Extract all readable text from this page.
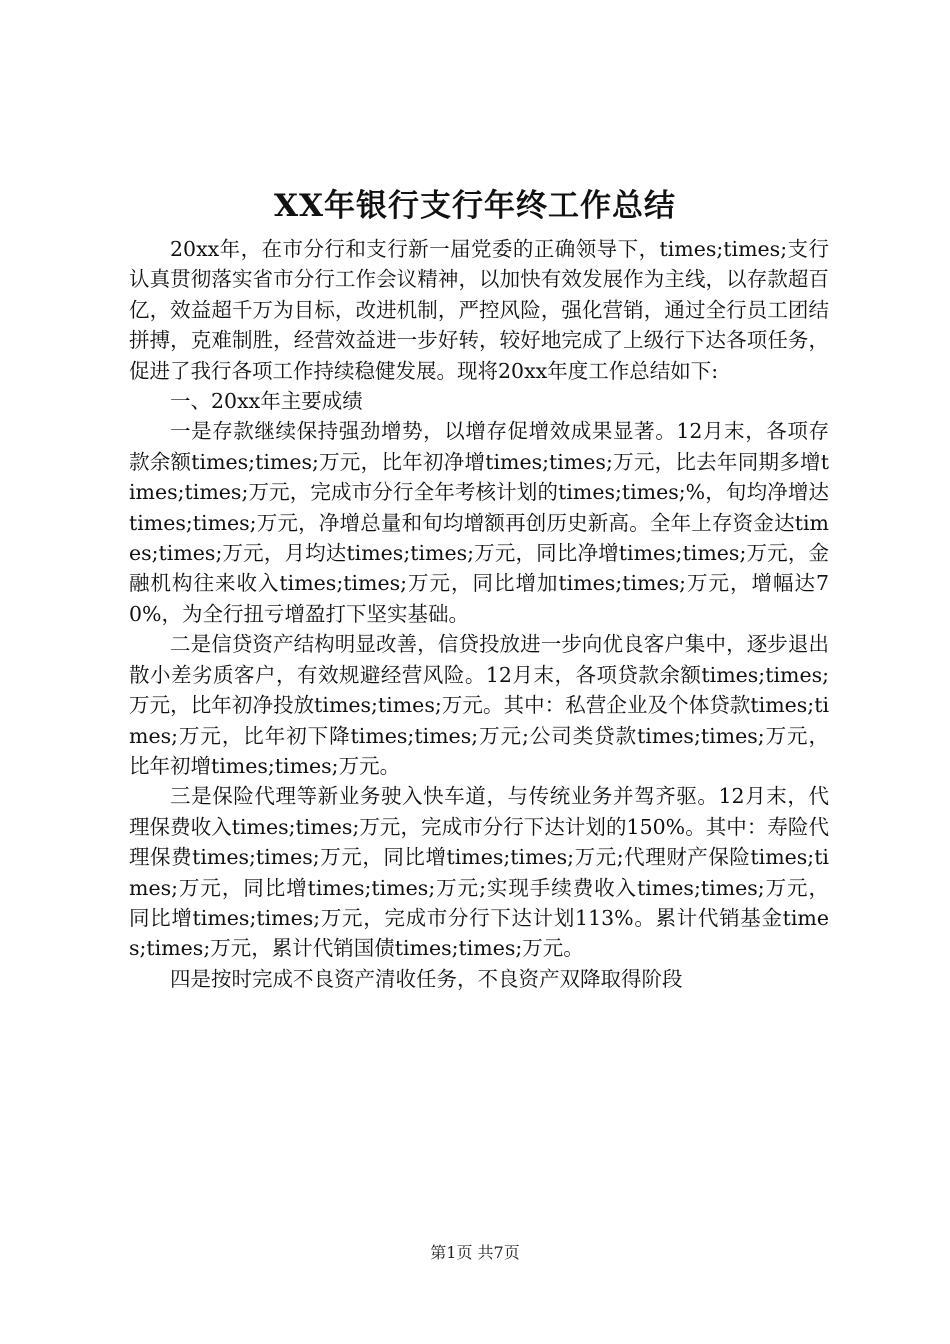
XX年银行支行年终工作总结

20xx年，在市分行和支行新一届党委的正确领导下，times;times;支行认真贯彻落实省市分行工作会议精神，以加快有效发展作为主线，以存款超百亿，效益超千万为目标，改进机制，严控风险，强化营销，通过全行员工团结拼搏，克难制胜，经营效益进一步好转，较好地完成了上级行下达各项任务，促进了我行各项工作持续稳健发展。现将20xx年度工作总结如下:

一、20xx年主要成绩

一是存款继续保持强劲增势，以增存促增效成果显著。12月末，各项存款余额times;times;万元，比年初净增times;times;万元，比去年同期多增times;times;万元，完成市分行全年考核计划的times;times;%，旬均净增达times;times;万元，净增总量和旬均增额再创历史新高。全年上存资金达times;times;万元，月均达times;times;万元，同比净增times;times;万元，金融机构往来收入times;times;万元，同比增加times;times;万元，增幅达70%，为全行扭亏增盈打下坚实基础。

二是信贷资产结构明显改善，信贷投放进一步向优良客户集中，逐步退出散小差劣质客户，有效规避经营风险。12月末，各项贷款余额times;times;万元，比年初净投放times;times;万元。其中：私营企业及个体贷款times;times;万元，比年初下降times;times;万元;公司类贷款times;times;万元，比年初增times;times;万元。

三是保险代理等新业务驶入快车道，与传统业务并驾齐驱。12月末，代理保费收入times;times;万元，完成市分行下达计划的150%。其中：寿险代理保费times;times;万元，同比增times;times;万元;代理财产保险times;times;万元，同比增times;times;万元;实现手续费收入times;times;万元，同比增times;times;万元，完成市分行下达计划113%。累计代销基金times;times;万元，累计代销国债times;times;万元。

四是按时完成不良资产清收任务，不良资产双降取得阶段

第1页 共7页
